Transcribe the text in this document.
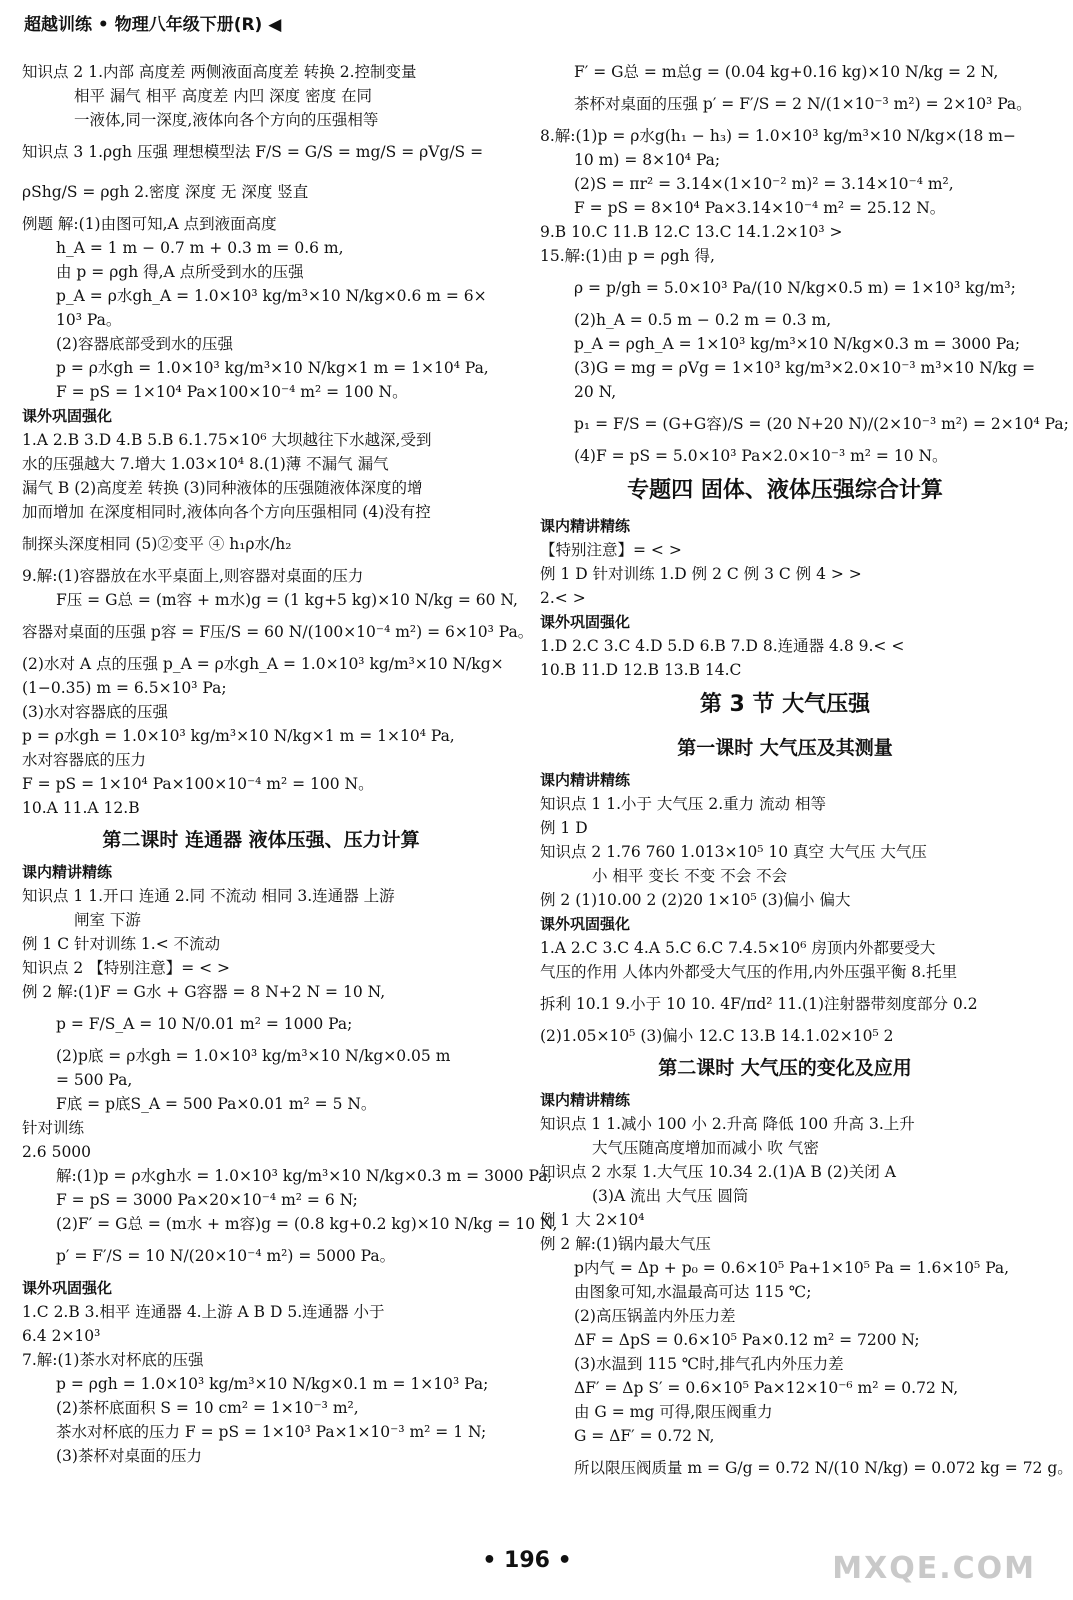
超越训练 • 物理八年级下册(R) ◀
知识点 2 1.内部 高度差 两侧液面高度差 转换 2.控制变量
相平 漏气 相平 高度差 内凹 深度 密度 在同
一液体,同一深度,液体向各个方向的压强相等
知识点 3 1.ρgh 压强 理想模型法 F/S = G/S = mg/S = ρVg/S =
ρShg/S = ρgh 2.密度 深度 无 深度 竖直
例题 解:(1)由图可知,A 点到液面高度
h_A = 1 m − 0.7 m + 0.3 m = 0.6 m,
由 p = ρgh 得,A 点所受到水的压强
p_A = ρ水gh_A = 1.0×10³ kg/m³×10 N/kg×0.6 m = 6×
10³ Pa。
(2)容器底部受到水的压强
p = ρ水gh = 1.0×10³ kg/m³×10 N/kg×1 m = 1×10⁴ Pa,
F = pS = 1×10⁴ Pa×100×10⁻⁴ m² = 100 N。
课外巩固强化
1.A 2.B 3.D 4.B 5.B 6.1.75×10⁶ 大坝越往下水越深,受到
水的压强越大 7.增大 1.03×10⁴ 8.(1)薄 不漏气 漏气
漏气 B (2)高度差 转换 (3)同种液体的压强随液体深度的增
加而增加 在深度相同时,液体向各个方向压强相同 (4)没有控
制探头深度相同 (5)②变平 ④ h₁ρ水/h₂
9.解:(1)容器放在水平桌面上,则容器对桌面的压力
F压 = G总 = (m容 + m水)g = (1 kg+5 kg)×10 N/kg = 60 N,
容器对桌面的压强 p容 = F压/S = 60 N/(100×10⁻⁴ m²) = 6×10³ Pa。
(2)水对 A 点的压强 p_A = ρ水gh_A = 1.0×10³ kg/m³×10 N/kg×
(1−0.35) m = 6.5×10³ Pa;
(3)水对容器底的压强
p = ρ水gh = 1.0×10³ kg/m³×10 N/kg×1 m = 1×10⁴ Pa,
水对容器底的压力
F = pS = 1×10⁴ Pa×100×10⁻⁴ m² = 100 N。
10.A 11.A 12.B
第二课时 连通器 液体压强、压力计算
课内精讲精练
知识点 1 1.开口 连通 2.同 不流动 相同 3.连通器 上游
闸室 下游
例 1 C 针对训练 1.< 不流动
知识点 2 【特别注意】= < >
例 2 解:(1)F = G水 + G容器 = 8 N+2 N = 10 N,
p = F/S_A = 10 N/0.01 m² = 1000 Pa;
(2)p底 = ρ水gh = 1.0×10³ kg/m³×10 N/kg×0.05 m
= 500 Pa,
F底 = p底S_A = 500 Pa×0.01 m² = 5 N。
针对训练
2.6 5000
解:(1)p = ρ水gh水 = 1.0×10³ kg/m³×10 N/kg×0.3 m = 3000 Pa,
F = pS = 3000 Pa×20×10⁻⁴ m² = 6 N;
(2)F′ = G总 = (m水 + m容)g = (0.8 kg+0.2 kg)×10 N/kg = 10 N,
p′ = F′/S = 10 N/(20×10⁻⁴ m²) = 5000 Pa。
课外巩固强化
1.C 2.B 3.相平 连通器 4.上游 A B D 5.连通器 小于
6.4 2×10³
7.解:(1)茶水对杯底的压强
p = ρgh = 1.0×10³ kg/m³×10 N/kg×0.1 m = 1×10³ Pa;
(2)茶杯底面积 S = 10 cm² = 1×10⁻³ m²,
茶水对杯底的压力 F = pS = 1×10³ Pa×1×10⁻³ m² = 1 N;
(3)茶杯对桌面的压力
F′ = G总 = m总g = (0.04 kg+0.16 kg)×10 N/kg = 2 N,
茶杯对桌面的压强 p′ = F′/S = 2 N/(1×10⁻³ m²) = 2×10³ Pa。
8.解:(1)p = ρ水g(h₁ − h₃) = 1.0×10³ kg/m³×10 N/kg×(18 m−
10 m) = 8×10⁴ Pa;
(2)S = πr² = 3.14×(1×10⁻² m)² = 3.14×10⁻⁴ m²,
F = pS = 8×10⁴ Pa×3.14×10⁻⁴ m² = 25.12 N。
9.B 10.C 11.B 12.C 13.C 14.1.2×10³ >
15.解:(1)由 p = ρgh 得,
ρ = p/gh = 5.0×10³ Pa/(10 N/kg×0.5 m) = 1×10³ kg/m³;
(2)h_A = 0.5 m − 0.2 m = 0.3 m,
p_A = ρgh_A = 1×10³ kg/m³×10 N/kg×0.3 m = 3000 Pa;
(3)G = mg = ρVg = 1×10³ kg/m³×2.0×10⁻³ m³×10 N/kg =
20 N,
p₁ = F/S = (G+G容)/S = (20 N+20 N)/(2×10⁻³ m²) = 2×10⁴ Pa;
(4)F = pS = 5.0×10³ Pa×2.0×10⁻³ m² = 10 N。
专题四 固体、液体压强综合计算
课内精讲精练
【特别注意】= < >
例 1 D 针对训练 1.D 例 2 C 例 3 C 例 4 > >
2.< >
课外巩固强化
1.D 2.C 3.C 4.D 5.D 6.B 7.D 8.连通器 4.8 9.< <
10.B 11.D 12.B 13.B 14.C
第 3 节 大气压强
第一课时 大气压及其测量
课内精讲精练
知识点 1 1.小于 大气压 2.重力 流动 相等
例 1 D
知识点 2 1.76 760 1.013×10⁵ 10 真空 大气压 大气压
小 相平 变长 不变 不会 不会
例 2 (1)10.00 2 (2)20 1×10⁵ (3)偏小 偏大
课外巩固强化
1.A 2.C 3.C 4.A 5.C 6.C 7.4.5×10⁶ 房顶内外都要受大
气压的作用 人体内外都受大气压的作用,内外压强平衡 8.托里
拆利 10.1 9.小于 10 10. 4F/πd² 11.(1)注射器带刻度部分 0.2
(2)1.05×10⁵ (3)偏小 12.C 13.B 14.1.02×10⁵ 2
第二课时 大气压的变化及应用
课内精讲精练
知识点 1 1.减小 100 小 2.升高 降低 100 升高 3.上升
大气压随高度增加而减小 吹 气密
知识点 2 水泵 1.大气压 10.34 2.(1)A B (2)关闭 A
(3)A 流出 大气压 圆筒
例 1 大 2×10⁴
例 2 解:(1)锅内最大气压
p内气 = Δp + p₀ = 0.6×10⁵ Pa+1×10⁵ Pa = 1.6×10⁵ Pa,
由图象可知,水温最高可达 115 ℃;
(2)高压锅盖内外压力差
ΔF = ΔpS = 0.6×10⁵ Pa×0.12 m² = 7200 N;
(3)水温到 115 ℃时,排气孔内外压力差
ΔF′ = Δp S′ = 0.6×10⁵ Pa×12×10⁻⁶ m² = 0.72 N,
由 G = mg 可得,限压阀重力
G = ΔF′ = 0.72 N,
所以限压阀质量 m = G/g = 0.72 N/(10 N/kg) = 0.072 kg = 72 g。
• 196 •	MXQE.COM
